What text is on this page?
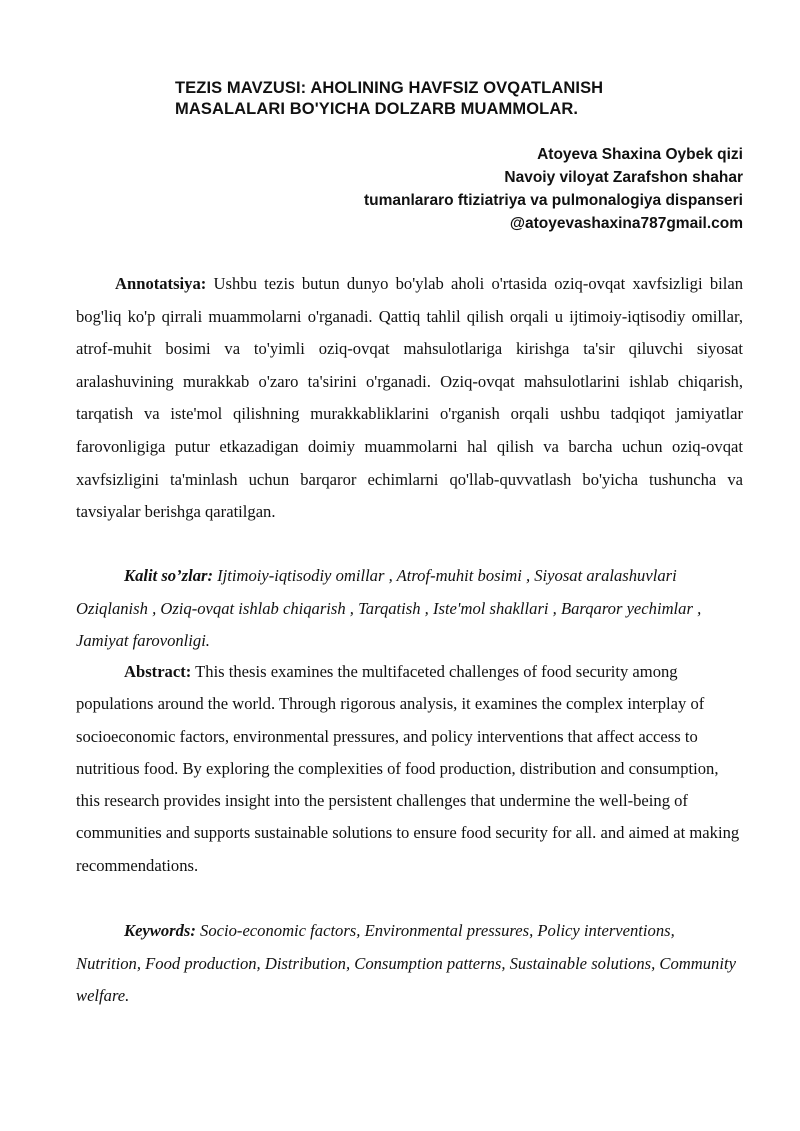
TEZIS MAVZUSI: AHOLINING HAVFSIZ OVQATLANISH
MASALALARI BO'YICHA DOLZARB MUAMMOLAR.
Atoyeva Shaxina Oybek qizi
Navoiy viloyat Zarafshon shahar
tumanlararo ftiziatriya va pulmonalogiya dispanseri
@atoyevashaxina787gmail.com

Annotatsiya: Ushbu tezis butun dunyo bo'ylab aholi o'rtasida oziq-ovqat xavfsizligi bilan bog'liq ko'p qirrali muammolarni o'rganadi. Qattiq tahlil qilish orqali u ijtimoiy-iqtisodiy omillar, atrof-muhit bosimi va to'yimli oziq-ovqat mahsulotlariga kirishga ta'sir qiluvchi siyosat aralashuvining murakkab o'zaro ta'sirini o'rganadi. Oziq-ovqat mahsulotlarini ishlab chiqarish, tarqatish va iste'mol qilishning murakkabliklarini o'rganish orqali ushbu tadqiqot jamiyatlar farovonligiga putur etkazadigan doimiy muammolarni hal qilish va barcha uchun oziq-ovqat xavfsizligini ta'minlash uchun barqaror echimlarni qo'llab-quvvatlash bo'yicha tushuncha va tavsiyalar berishga qaratilgan.

Kalit so’zlar: Ijtimoiy-iqtisodiy omillar , Atrof-muhit bosimi , Siyosat aralashuvlari Oziqlanish , Oziq-ovqat ishlab chiqarish , Tarqatish , Iste'mol shakllari , Barqaror yechimlar , Jamiyat farovonligi.

Abstract: This thesis examines the multifaceted challenges of food security among populations around the world. Through rigorous analysis, it examines the complex interplay of socioeconomic factors, environmental pressures, and policy interventions that affect access to nutritious food. By exploring the complexities of food production, distribution and consumption, this research provides insight into the persistent challenges that undermine the well-being of communities and supports sustainable solutions to ensure food security for all. and aimed at making recommendations.

Keywords: Socio-economic factors, Environmental pressures, Policy interventions, Nutrition, Food production, Distribution, Consumption patterns, Sustainable solutions, Community welfare.
